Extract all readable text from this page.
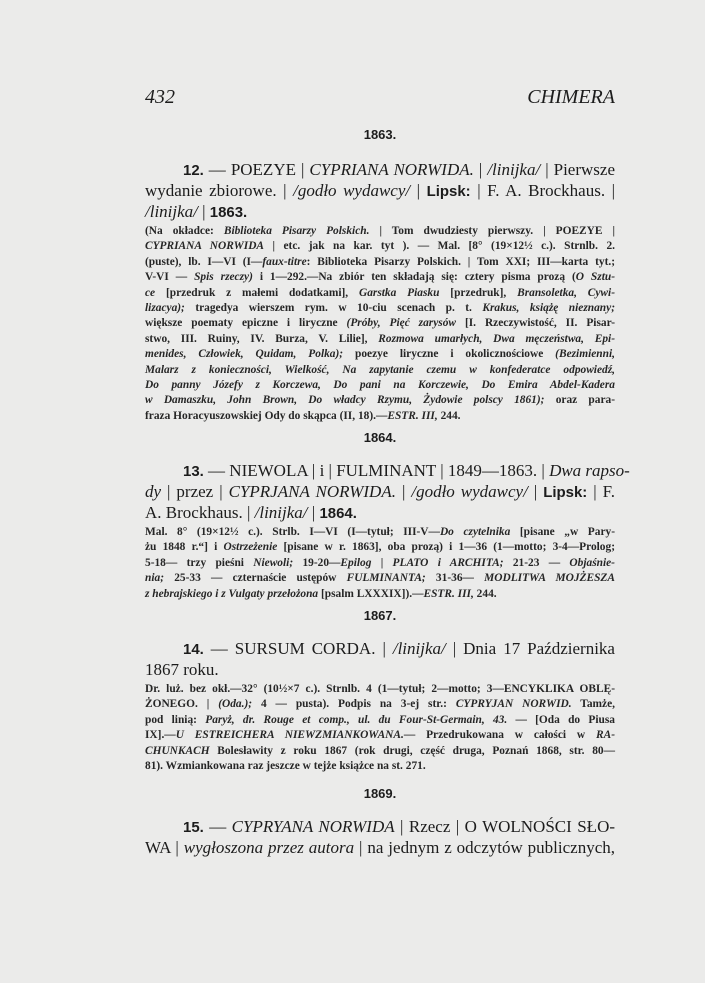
432	CHIMERA
1863.
12. — POEZYE | CYPRIANA NORWIDA. | /linijka/ | Pierwsze
wydanie zbiorowe. | /godło wydawcy/ | Lipsk: | F. A. Brockhaus. |
/linijka/ | 1863.
(Na okładce: Biblioteka Pisarzy Polskich. | Tom dwudziesty pierwszy. | POEZYE |
CYPRIANA NORWIDA | etc. jak na kar. tyt ). — Mal. [8° (19×12½ c.). Strnlb. 2.
(puste), lb. I—VI (I—faux-titre: Biblioteka Pisarzy Polskich. | Tom XXI; III—karta tyt.;
V-VI — Spis rzeczy) i 1—292.—Na zbiór ten składają się: cztery pisma prozą (O Sztu-
ce [przedruk z małemi dodatkami], Garstka Piasku [przedruk], Bransoletka, Cywi-
lizacya); tragedya wierszem rym. w 10-ciu scenach p. t. Krakus, książę nieznany;
większe poematy epiczne i liryczne (Próby, Pięć zarysów [I. Rzeczywistość, II. Pisar-
stwo, III. Ruiny, IV. Burza, V. Lilie], Rozmowa umarłych, Dwa męczeństwa, Epi-
menides, Człowiek, Quidam, Polka); poezye liryczne i okolicznościowe (Bezimienni,
Malarz z konieczności, Wielkość, Na zapytanie czemu w konfederatce odpowiedź,
Do panny Józefy z Korczewa, Do pani na Korczewie, Do Emira Abdel-Kadera
w Damaszku, John Brown, Do władcy Rzymu, Żydowie polscy 1861); oraz para-
fraza Horacyuszowskiej Ody do skąpca (II, 18).—ESTR. III, 244.
1864.
13. — NIEWOLA | i | FULMINANT | 1849—1863. | Dwa rapso-
dy | przez | CYPRJANA NORWIDA. | /godło wydawcy/ | Lipsk: | F.
A. Brockhaus. | /linijka/ | 1864.
Mal. 8° (19×12½ c.). Strlb. I—VI (I—tytuł; III-V—Do czytelnika [pisane „w Pary-
żu 1848 r.“] i Ostrzeżenie [pisane w r. 1863], oba prozą) i 1—36 (1—motto; 3-4—Prolog;
5-18— trzy pieśni Niewoli; 19-20—Epilog | PLATO i ARCHITA; 21-23 — Objaśnie-
nia; 25-33 — czternaście ustępów FULMINANTA; 31-36— MODLITWA MOJŻESZA
z hebrajskiego i z Vulgaty przełożona [psalm LXXXIX]).—ESTR. III, 244.
1867.
14. — SURSUM CORDA. | /linijka/ | Dnia 17 Października
1867 roku.
Dr. luż. bez okł.—32° (10½×7 c.). Strnlb. 4 (1—tytuł; 2—motto; 3—ENCYKLIKA OBLĘ-
ŻONEGO. | (Oda.); 4 — pusta). Podpis na 3-ej str.: CYPRYJAN NORWID. Tamże,
pod linią: Paryż, dr. Rouge et comp., ul. du Four-St-Germain, 43. — [Oda do Piusa
IX].—U ESTREICHERA NIEWZMIANKOWANA.— Przedrukowana w całości w RA-
CHUNKACH Bolesławity z roku 1867 (rok drugi, część druga, Poznań 1868, str. 80—
81). Wzmiankowana raz jeszcze w tejże książce na st. 271.
1869.
15. — CYPRYANA NORWIDA | Rzecz | O WOLNOŚCI SŁO-
WA | wygłoszona przez autora | na jednym z odczytów publicznych,
